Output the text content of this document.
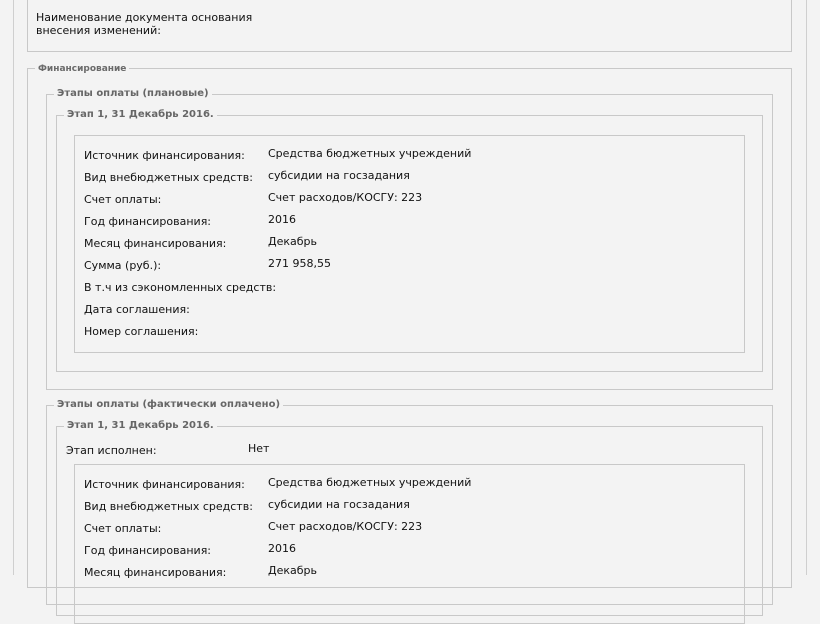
Наименование документа основания внесения изменений:
Финансирование
Этапы оплаты (плановые)
Этап 1, 31 Декабрь 2016.
Источник финансирования: Средства бюджетных учреждений
Вид внебюджетных средств: субсидии на госзадания
Счет оплаты:	Счет расходов/КОСГУ: 223
Год финансирования:	2016
Месяц финансирования:	Декабрь
Сумма (руб.):	271 958,55
В т.ч из сэкономленных средств:
Дата соглашения:
Номер соглашения:
Этапы оплаты (фактически оплачено)
Этап 1, 31 Декабрь 2016.
Этап исполнен:	Нет
Источник финансирования: Средства бюджетных учреждений
Вид внебюджетных средств: субсидии на госзадания
Счет оплаты:	Счет расходов/КОСГУ: 223
Год финансирования:	2016
Месяц финансирования:	Декабрь
